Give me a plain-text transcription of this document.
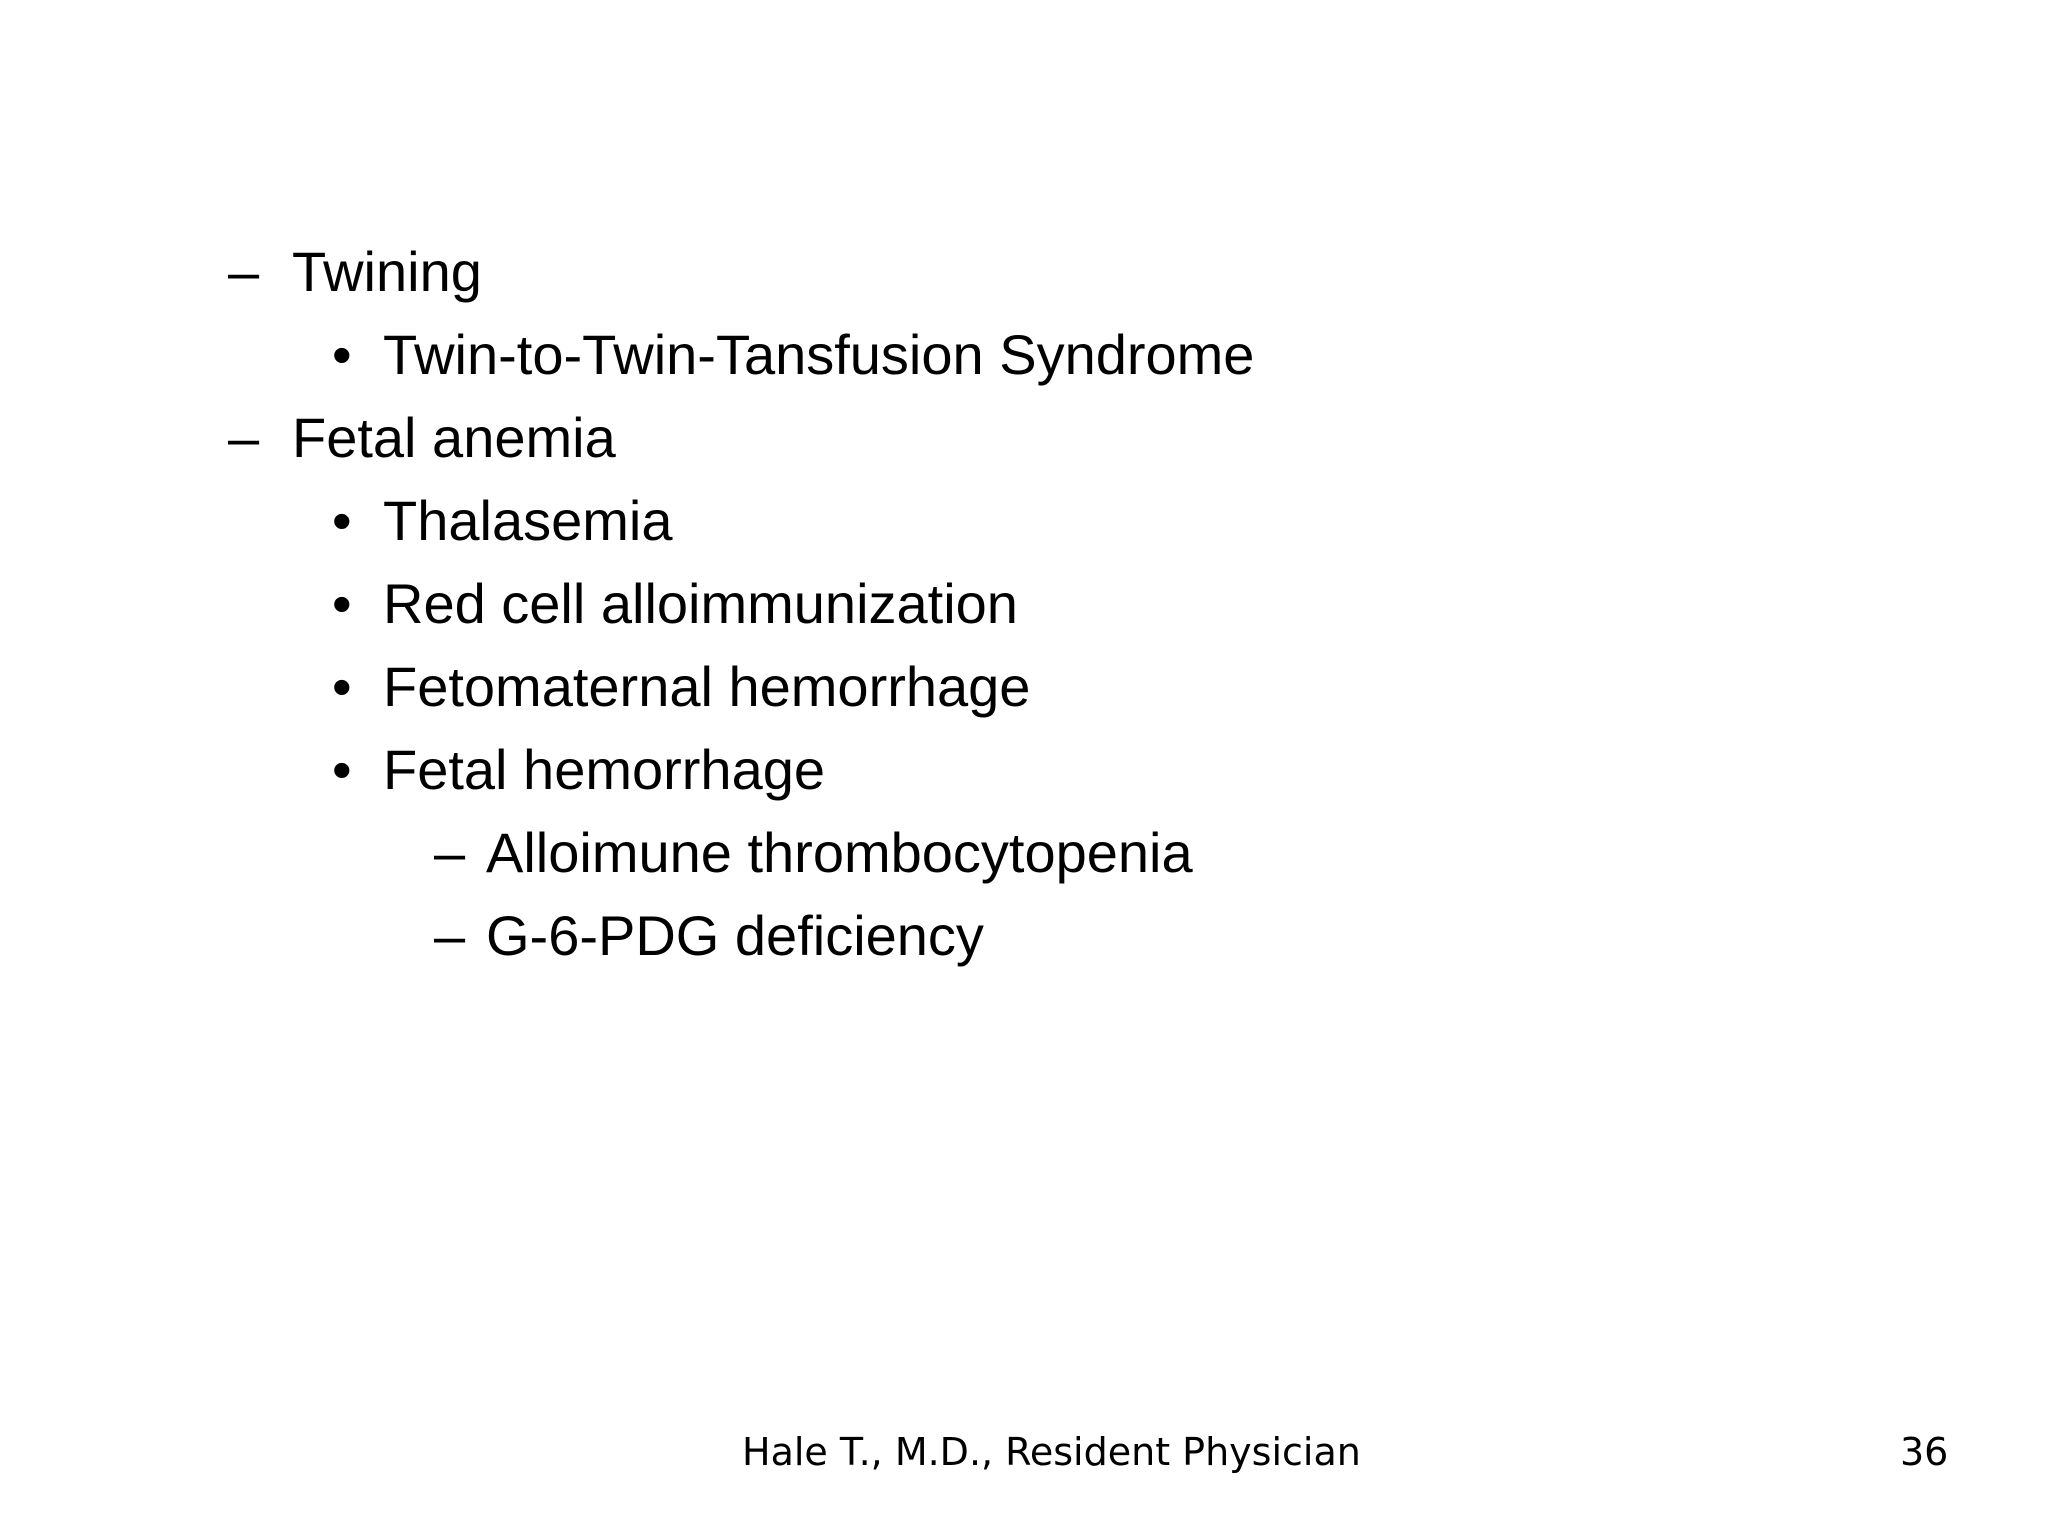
– Twining
• Twin-to-Twin-Tansfusion Syndrome
– Fetal anemia
• Thalasemia
• Red cell alloimmunization
• Fetomaternal hemorrhage
• Fetal hemorrhage
– Alloimune thrombocytopenia
– G-6-PDG deficiency
Hale T., M.D., Resident Physician	36
